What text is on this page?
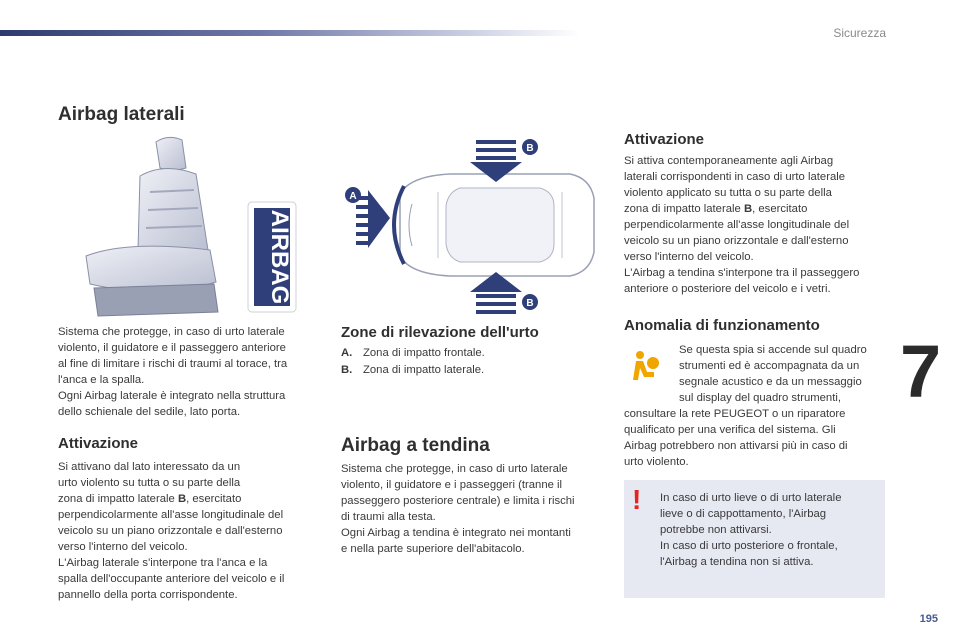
Sicurezza
Airbag laterali
AIRBAG

Sistema che protegge, in caso di urto laterale

violento, il guidatore e il passeggero anteriore

al fine di limitare i rischi di traumi al torace, tra

l'anca e la spalla.

Ogni Airbag laterale è integrato nella struttura

dello schienale del sedile, lato porta.

Attivazione

Si attivano dal lato interessato da un

urto violento su tutta o su parte della

zona di impatto laterale B, esercitato

perpendicolarmente all'asse longitudinale del

veicolo su un piano orizzontale e dall'esterno

verso l'interno del veicolo.

L'Airbag laterale s'interpone tra l'anca e la

spalla dell'occupante anteriore del veicolo e il

pannello della porta corrispondente.

A
B
B
Zone di rilevazione dell'urto
A. Zona di impatto frontale.
B. Zona di impatto laterale.
Airbag a tendina

Sistema che protegge, in caso di urto laterale

violento, il guidatore e i passeggeri (tranne il

passeggero posteriore centrale) e limita i rischi

di traumi alla testa.

Ogni Airbag a tendina è integrato nei montanti

e nella parte superiore dell'abitacolo.

Attivazione

Si attiva contemporaneamente agli Airbag

laterali corrispondenti in caso di urto laterale

violento applicato su tutta o su parte della

zona di impatto laterale B, esercitato

perpendicolarmente all'asse longitudinale del

veicolo su un piano orizzontale e dall'esterno

verso l'interno del veicolo.

L'Airbag a tendina s'interpone tra il passeggero

anteriore o posteriore del veicolo e i vetri.

Anomalia di funzionamento

Se questa spia si accende sul quadro

strumenti ed è accompagnata da un

segnale acustico e da un messaggio

sul display del quadro strumenti,

consultare la rete PEUGEOT o un riparatore

qualificato per una verifica del sistema. Gli

Airbag potrebbero non attivarsi più in caso di

urto violento.

!	In caso di urto lieve o di urto laterale

lieve o di cappottamento, l'Airbag

potrebbe non attivarsi.

In caso di urto posteriore o frontale,

l'Airbag a tendina non si attiva.

7
195
